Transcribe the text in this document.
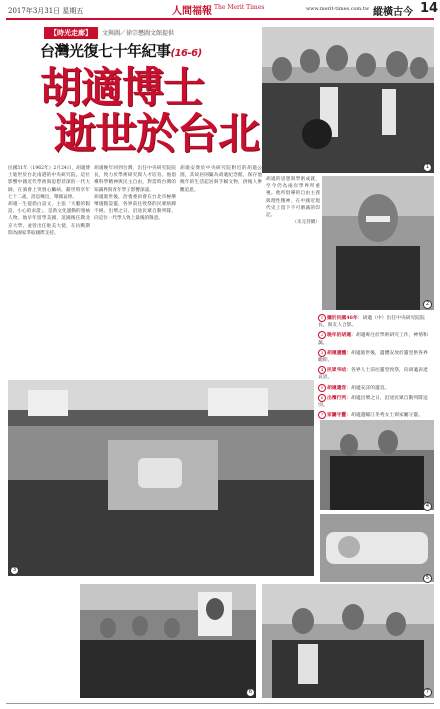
2017年3月31日 星期五	人間福報 The Merit Times	www.merit-times.com.tw 縱橫古今 14
【時光走廊】	文與圖／徐宗懋圖文館提供
台灣光復七十年紀事(16-6)
胡適博士
逝世於台北
1

民國51年（1962年）2月24日，胡適博士逝世於台北南港的中央研究院。這位影響中國近代學術與思想甚深的一代大師，在酒會上突發心臟病，辭世時享年七十二歲，消息傳出，舉國哀悼。

胡適一生提倡白話文，主張「大膽的假設，小心的求證」，是新文化運動的領袖人物。他早年留學美國，返國後任教北京大學，並曾出任駐美大使，在抗戰期間為國家爭取國際支持。

胡適晚年回到台灣，出任中央研究院院長，致力於學術研究與人才培育。他倡導科學精神與民主自由，對當時台灣的知識界與青年學子影響深遠。

胡適逝世後，治喪委員會在台北市極樂殯儀館設靈，各界前往致祭的民眾絡繹不絕。出殯之日，沿途民眾自動列隊，向這位一代學人致上最後的敬意。

胡適安葬於中央研究院附近的胡適公園，其故居則闢為胡適紀念館，保存他晚年的生活起居與手稿文物，供後人參觀追思。

胡適的思想與學術成就，至今仍為兩岸學界所重視。他所倡導的自由主義與理性精神，在中國近現代史上留下不可磨滅的印記。

（未完待續）

2

1 攝於民國46年：胡適（中）出任中央研究院院長，與友人合影。

2 晚年的胡適：胡適專注於學術研究工作，神情和藹。

3 胡適遺體：胡適逝世後，遺體安放於靈堂供各界瞻仰。

4 民眾弔唁：各界人士前往靈堂致祭，向胡適表達哀思。

5 胡適遺容：胡適安詳的遺容。

6 出殯行列：胡適出殯之日，沿途民眾自動列隊送別。

7 家屬守靈：胡適遺孀江冬秀女士與家屬守靈。

3
4
5
6	7
